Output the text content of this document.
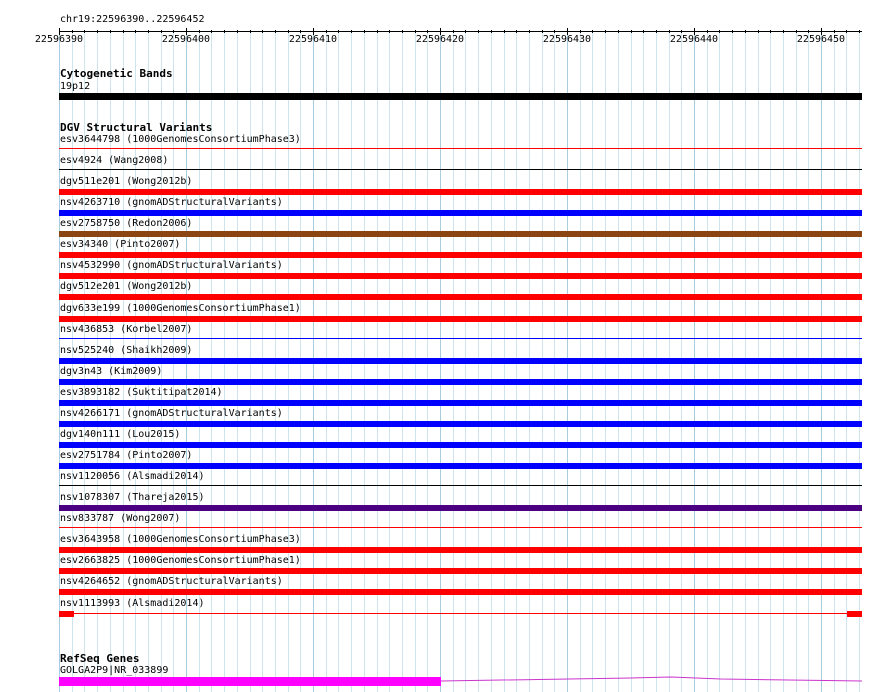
chr19:22596390..22596452
22596390	22596400	22596410	22596420	22596430	22596440	22596450
Cytogenetic Bands
19p12
DGV Structural Variants
esv3644798 (1000GenomesConsortiumPhase3)
esv4924 (Wang2008)
dgv511e201 (Wong2012b)
nsv4263710 (gnomADStructuralVariants)
esv2758750 (Redon2006)
esv34340 (Pinto2007)
nsv4532990 (gnomADStructuralVariants)
dgv512e201 (Wong2012b)
dgv633e199 (1000GenomesConsortiumPhase1)
nsv436853 (Korbel2007)
nsv525240 (Shaikh2009)
dgv3n43 (Kim2009)
esv3893182 (Suktitipat2014)
nsv4266171 (gnomADStructuralVariants)
dgv140n111 (Lou2015)
esv2751784 (Pinto2007)
nsv1120056 (Alsmadi2014)
nsv1078307 (Thareja2015)
nsv833787 (Wong2007)
esv3643958 (1000GenomesConsortiumPhase3)
esv2663825 (1000GenomesConsortiumPhase1)
nsv4264652 (gnomADStructuralVariants)
nsv1113993 (Alsmadi2014)
RefSeq Genes
GOLGA2P9|NR_033899
